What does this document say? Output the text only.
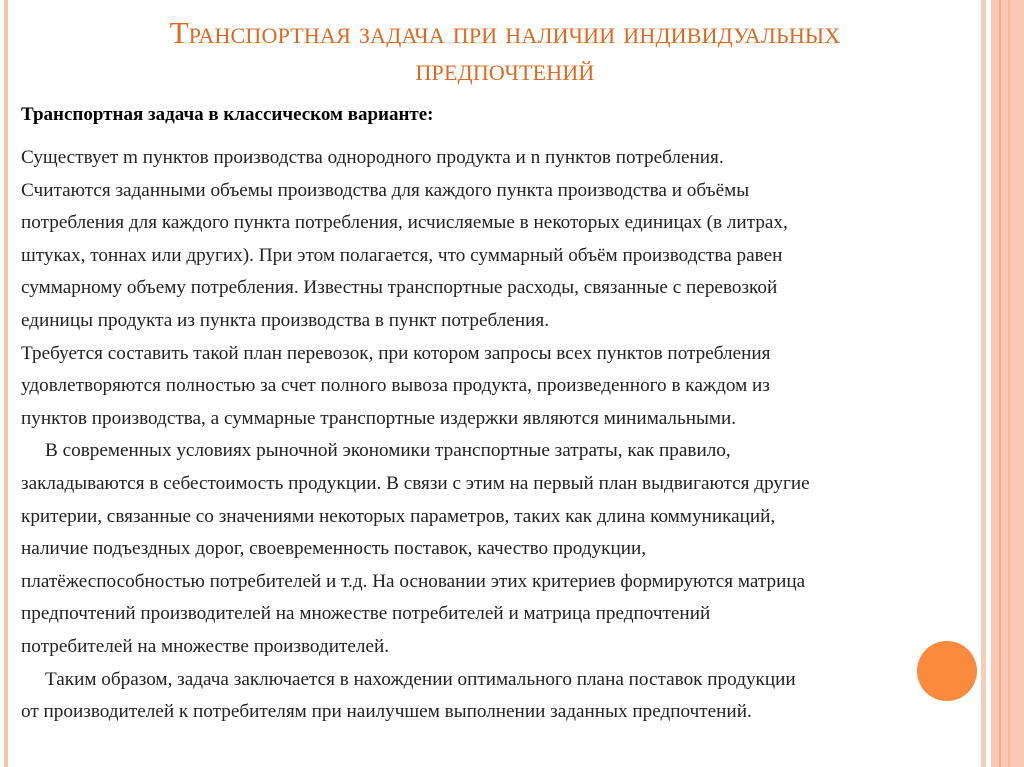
Транспортная задача при наличии индивидуальных
предпочтений
Транспортная задача в классическом варианте:
Существует m пунктов производства однородного продукта и n пунктов потребления.
Считаются заданными объемы производства для каждого пункта производства и объёмы
потребления для каждого пункта потребления, исчисляемые в некоторых единицах (в литрах,
штуках, тоннах или других). При этом полагается, что суммарный объём производства равен
суммарному объему потребления. Известны транспортные расходы, связанные с перевозкой
единицы продукта из пункта производства в пункт потребления.
Требуется составить такой план перевозок, при котором запросы всех пунктов потребления
удовлетворяются полностью за счет полного вывоза продукта, произведенного в каждом из
пунктов производства, а суммарные транспортные издержки являются минимальными.
В современных условиях рыночной экономики транспортные затраты, как правило,
закладываются в себестоимость продукции. В связи с этим на первый план выдвигаются другие
критерии, связанные со значениями некоторых параметров, таких как длина коммуникаций,
наличие подъездных дорог, своевременность поставок, качество продукции,
платёжеспособностью потребителей и т.д. На основании этих критериев формируются матрица
предпочтений производителей на множестве потребителей и матрица предпочтений
потребителей на множестве производителей.
Таким образом, задача заключается в нахождении оптимального плана поставок продукции
от производителей к потребителям при наилучшем выполнении заданных предпочтений.
